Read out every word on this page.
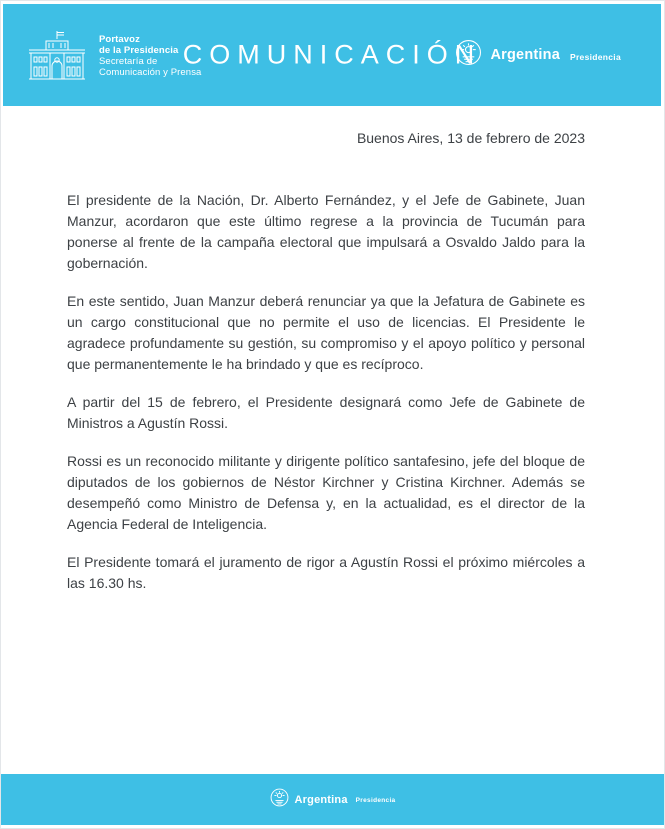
Portavoz
de la Presidencia
Secretaría de
Comunicación y Prensa
COMUNICACIÓN Argentina Presidencia
Buenos Aires, 13 de febrero de 2023

El presidente de la Nación, Dr. Alberto Fernández, y el Jefe de Gabinete, Juan Manzur, acordaron que este último regrese a la provincia de Tucumán para ponerse al frente de la campaña electoral que impulsará a Osvaldo Jaldo para la gobernación.

En este sentido, Juan Manzur deberá renunciar ya que la Jefatura de Gabinete es un cargo constitucional que no permite el uso de licencias. El Presidente le agradece profundamente su gestión, su compromiso y el apoyo político y personal que permanentemente le ha brindado y que es recíproco.

A partir del 15 de febrero, el Presidente designará como Jefe de Gabinete de Ministros a Agustín Rossi.

Rossi es un reconocido militante y dirigente político santafesino, jefe del bloque de diputados de los gobiernos de Néstor Kirchner y Cristina Kirchner. Además se desempeñó como Ministro de Defensa y, en la actualidad, es el director de la Agencia Federal de Inteligencia.

El Presidente tomará el juramento de rigor a Agustín Rossi el próximo miércoles a las 16.30 hs.

Argentina Presidencia
